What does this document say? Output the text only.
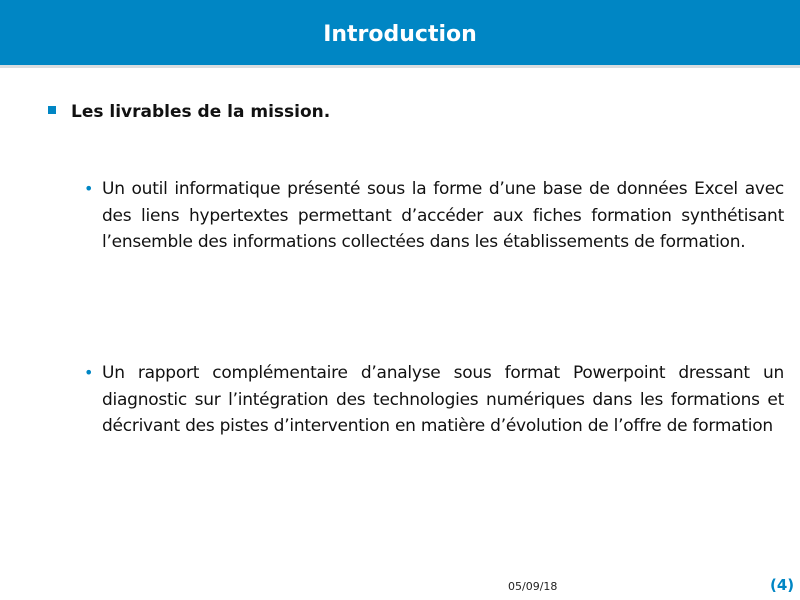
Introduction
Les livrables de la mission.
• Un outil informatique présenté sous la forme d’une base de données Excel avec des liens hypertextes permettant d’accéder aux fiches formation synthétisant l’ensemble des informations collectées dans les établissements de formation.
• Un rapport complémentaire d’analyse sous format Powerpoint dressant un diagnostic sur l’intégration des technologies numériques dans les formations et décrivant des pistes d’intervention en matière d’évolution de l’offre de formation
05/09/18	(4)
